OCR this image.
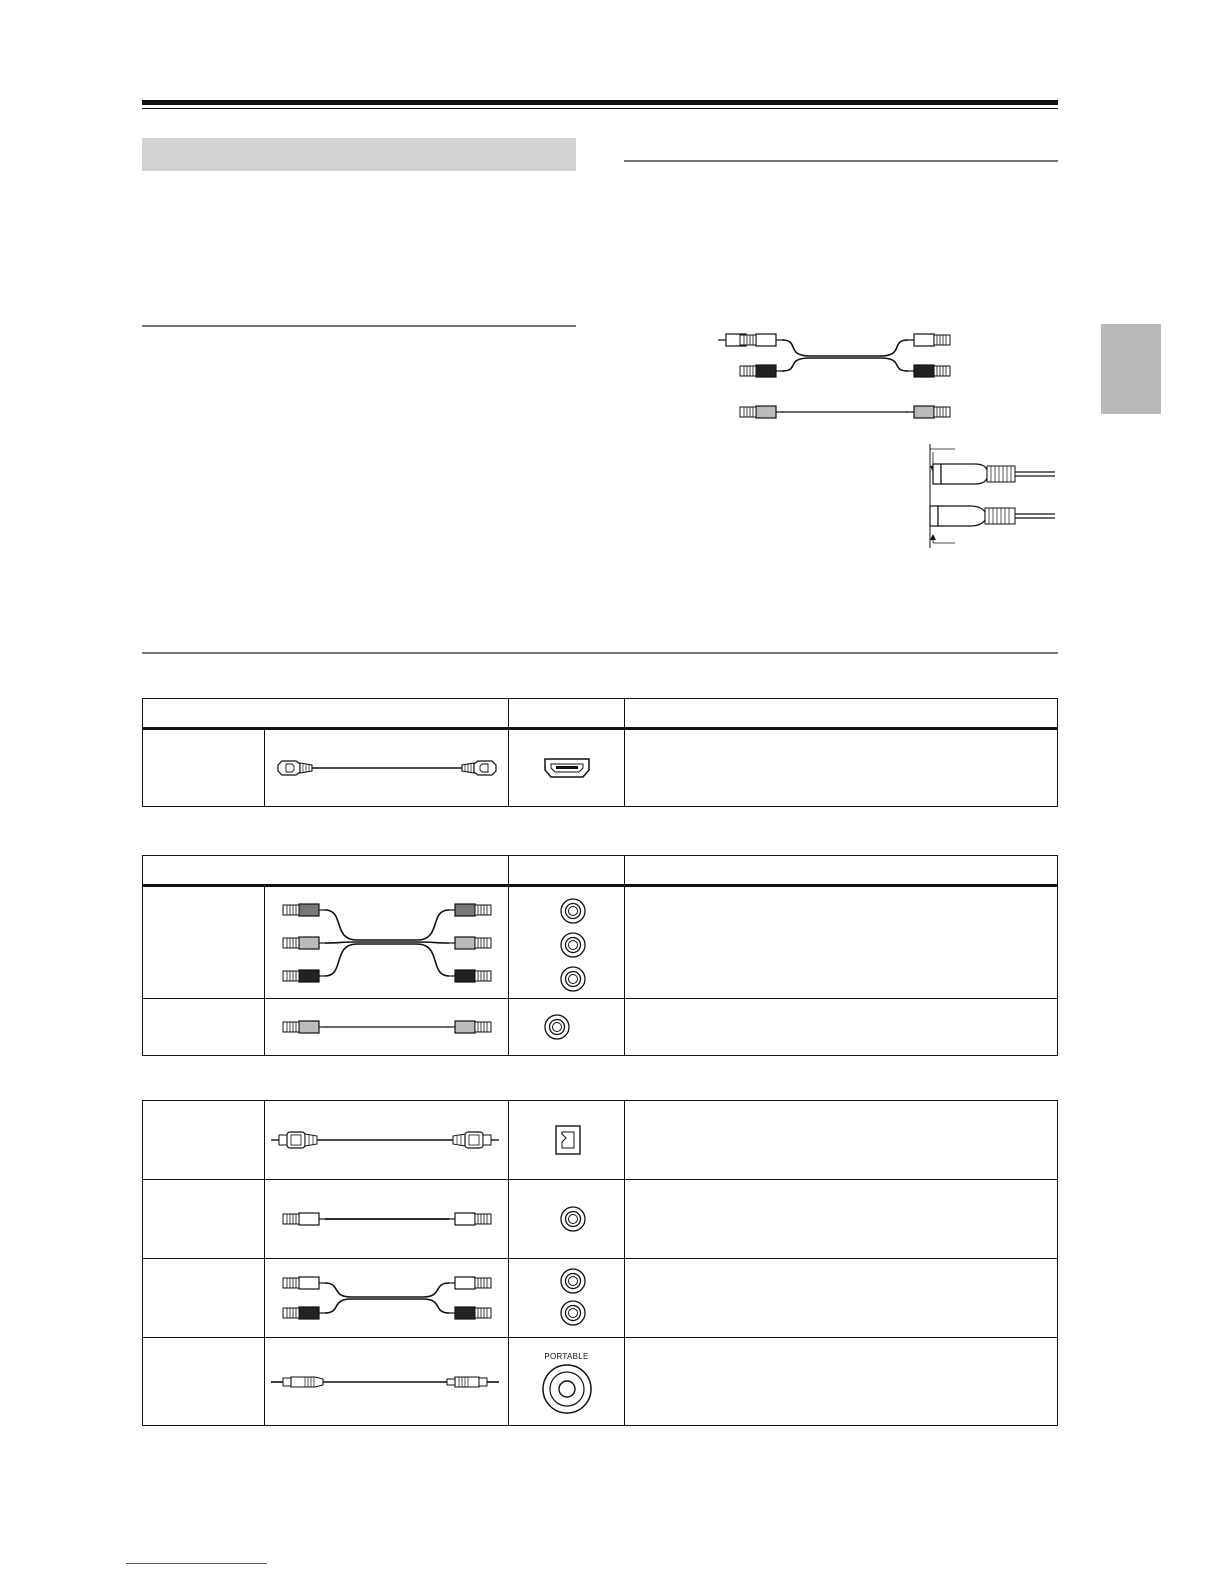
PORTABLE	
